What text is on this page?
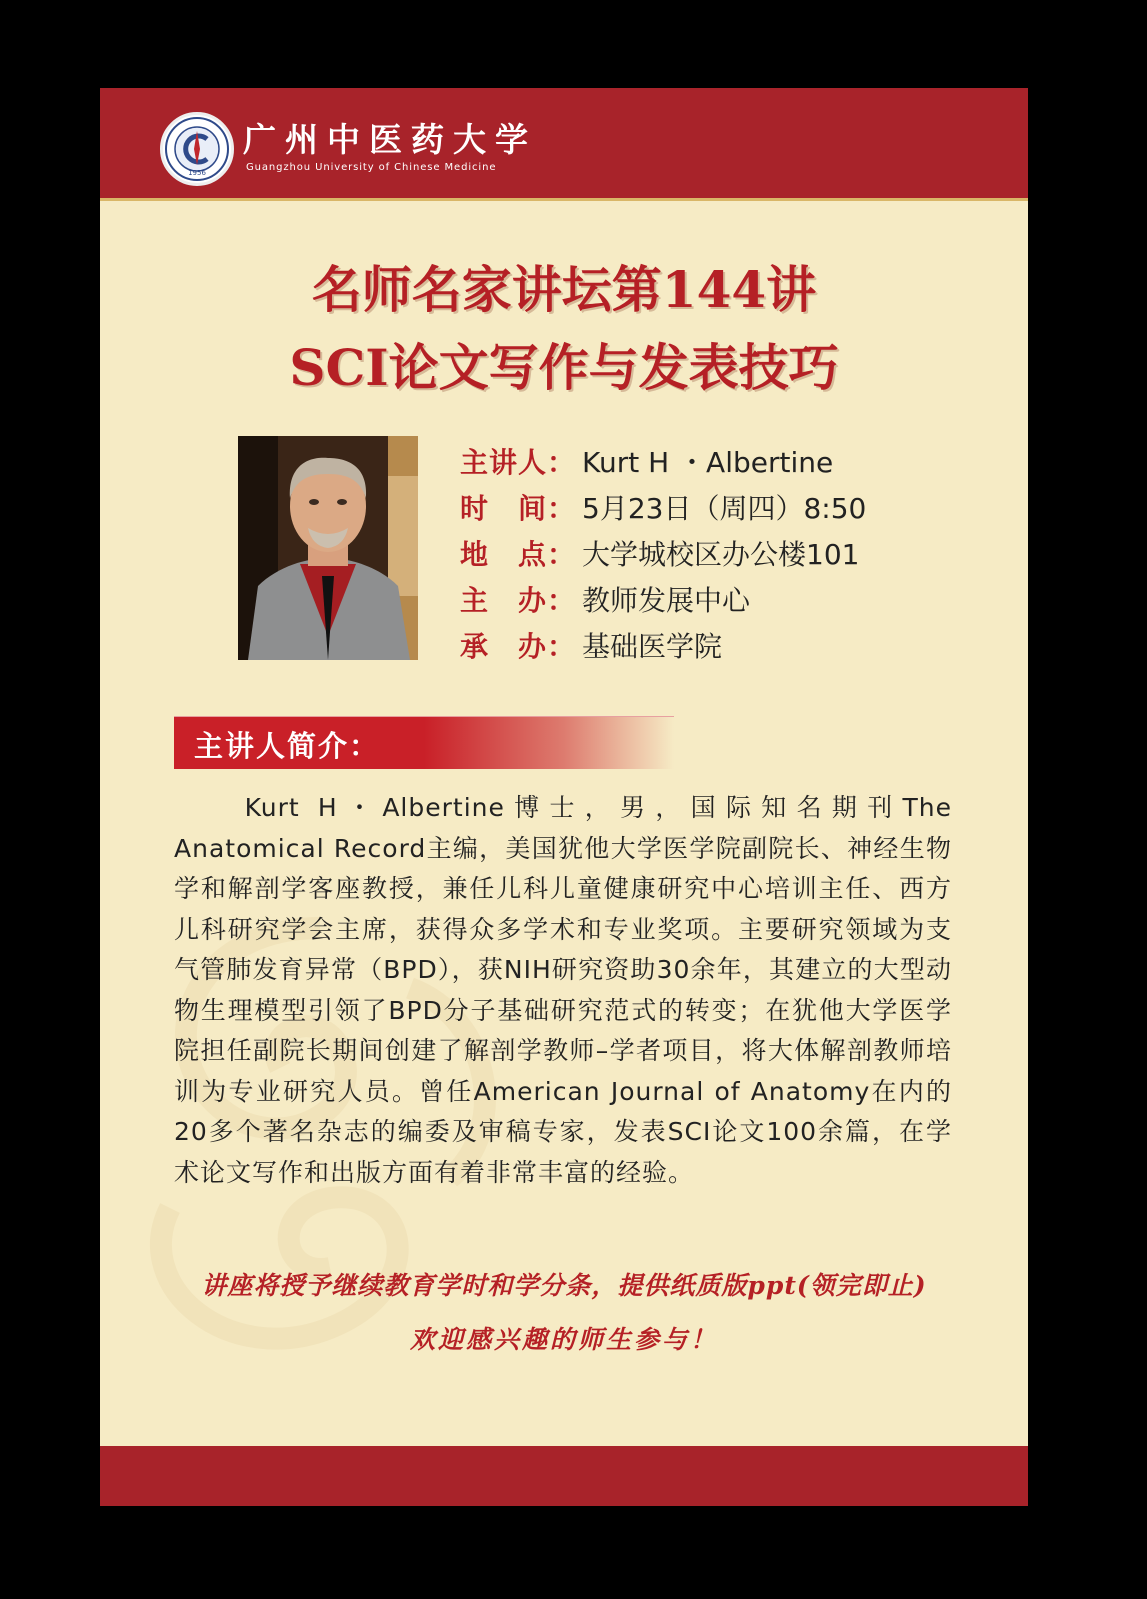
1956
广州中医药大学
Guangzhou University of Chinese Medicine
名师名家讲坛第144讲
SCI论文写作与发表技巧
主讲人： Kurt H ・Albertine
时　间： 5月23日（周四）8:50
地　点： 大学城校区办公楼101
主　办： 教师发展中心
承　办： 基础医学院
主讲人简介：
　　Kurt H・Albertine博士，男，国际知名期刊The Anatomical Record主编，美国犹他大学医学院副院长、神经生物学和解剖学客座教授，兼任儿科儿童健康研究中心培训主任、西方儿科研究学会主席，获得众多学术和专业奖项。主要研究领域为支气管肺发育异常（BPD），获NIH研究资助30余年，其建立的大型动物生理模型引领了BPD分子基础研究范式的转变；在犹他大学医学院担任副院长期间创建了解剖学教师–学者项目，将大体解剖教师培训为专业研究人员。曾任American Journal of Anatomy在内的20多个著名杂志的编委及审稿专家，发表SCI论文100余篇，在学术论文写作和出版方面有着非常丰富的经验。
讲座将授予继续教育学时和学分条，提供纸质版ppt(领完即止)
欢迎感兴趣的师生参与！
